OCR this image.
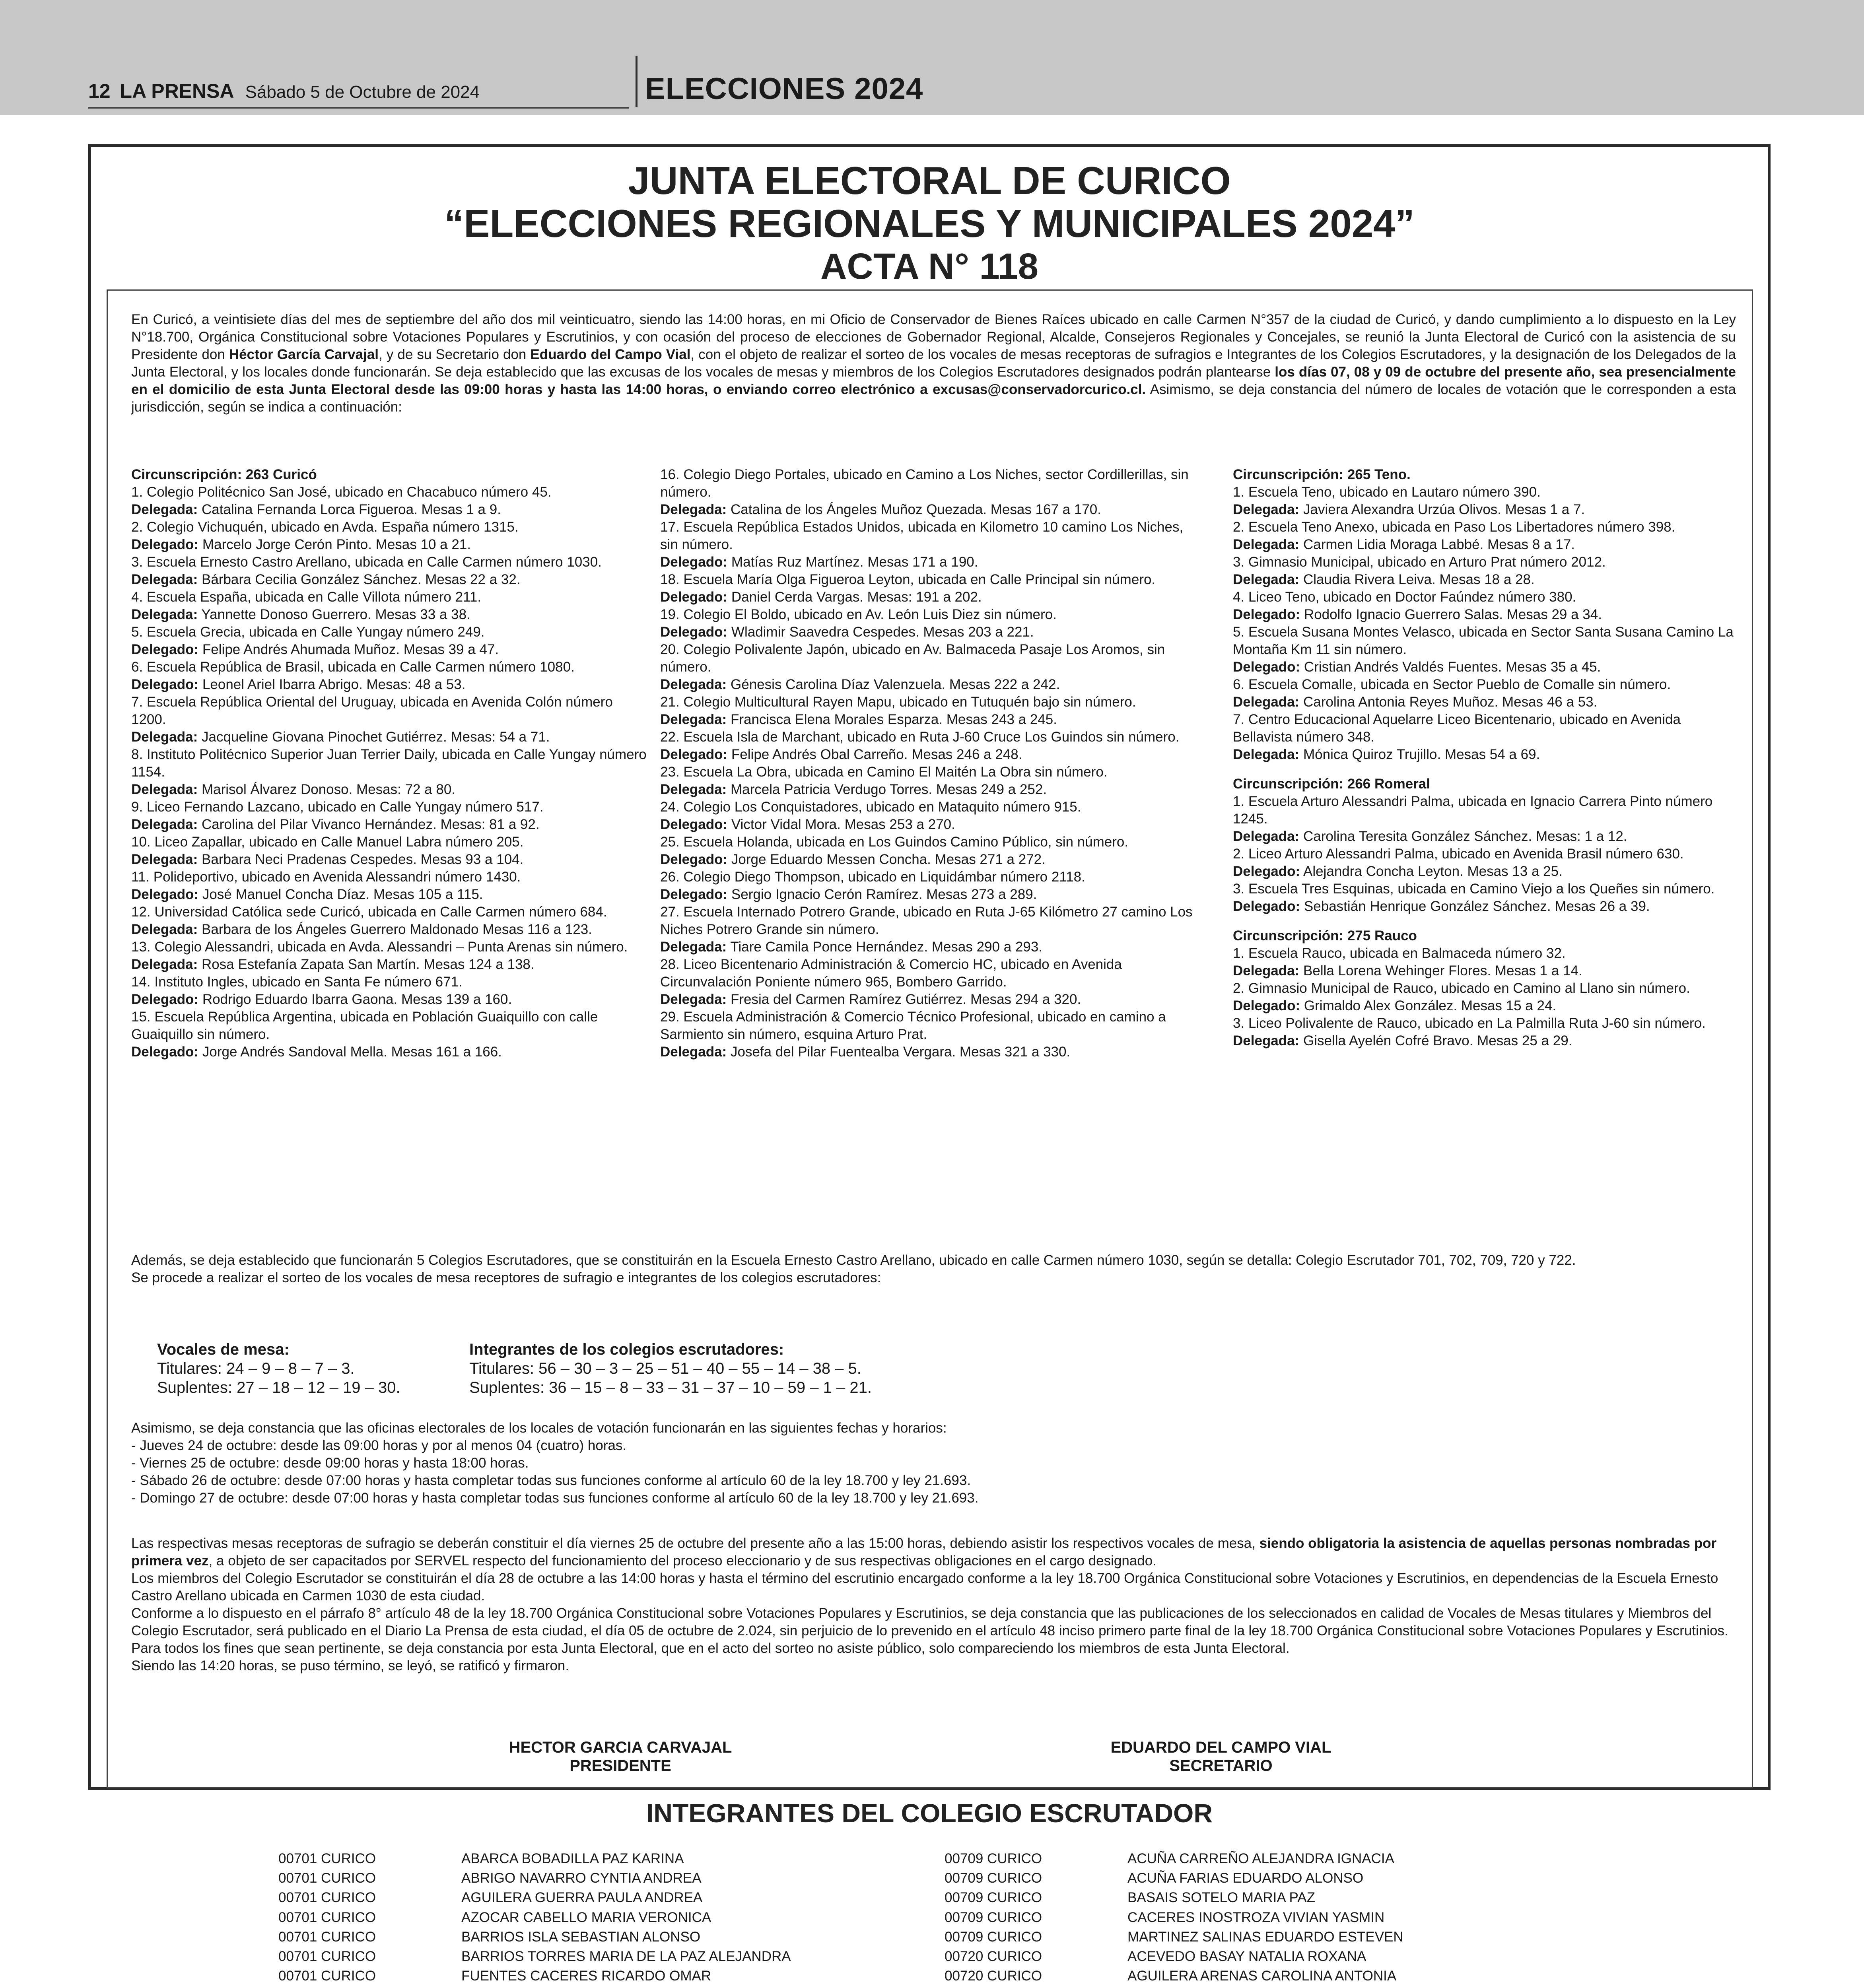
12 LA PRENSA Sábado 5 de Octubre de 2024	ELECCIONES 2024
JUNTA ELECTORAL DE CURICO
“ELECCIONES REGIONALES Y MUNICIPALES 2024”
ACTA N° 118
En Curicó, a veintisiete días del mes de septiembre del año dos mil veinticuatro, siendo las 14:00 horas, en mi Oficio de Conservador de Bienes Raíces ubicado en calle Carmen N°357 de la ciudad de Curicó, y dando cumplimiento a lo dispuesto en la Ley N°18.700, Orgánica Constitucional sobre Votaciones Populares y Escrutinios, y con ocasión del proceso de elecciones de Gobernador Regional, Alcalde, Consejeros Regionales y Concejales, se reunió la Junta Electoral de Curicó con la asistencia de su Presidente don Héctor García Carvajal, y de su Secretario don Eduardo del Campo Vial, con el objeto de realizar el sorteo de los vocales de mesas receptoras de sufragios e Integrantes de los Colegios Escrutadores, y la designación de los Delegados de la Junta Electoral, y los locales donde funcionarán. Se deja establecido que las excusas de los vocales de mesas y miembros de los Colegios Escrutadores designados podrán plantearse los días 07, 08 y 09 de octubre del presente año, sea presencialmente en el domicilio de esta Junta Electoral desde las 09:00 horas y hasta las 14:00 horas, o enviando correo electrónico a excusas@conservadorcurico.cl. Asimismo, se deja constancia del número de locales de votación que le corresponden a esta jurisdicción, según se indica a continuación:

Circunscripción: 263 Curicó

1. Colegio Politécnico San José, ubicado en Chacabuco número 45.

Delegada: Catalina Fernanda Lorca Figueroa. Mesas 1 a 9.

2. Colegio Vichuquén, ubicado en Avda. España número 1315.

Delegado: Marcelo Jorge Cerón Pinto. Mesas 10 a 21.

3. Escuela Ernesto Castro Arellano, ubicada en Calle Carmen número 1030.

Delegada: Bárbara Cecilia González Sánchez. Mesas 22 a 32.

4. Escuela España, ubicada en Calle Villota número 211.

Delegada: Yannette Donoso Guerrero. Mesas 33 a 38.

5. Escuela Grecia, ubicada en Calle Yungay número 249.

Delegado: Felipe Andrés Ahumada Muñoz. Mesas 39 a 47.

6. Escuela República de Brasil, ubicada en Calle Carmen número 1080.

Delegado: Leonel Ariel Ibarra Abrigo. Mesas: 48 a 53.

7. Escuela República Oriental del Uruguay, ubicada en Avenida Colón número 1200.

Delegada: Jacqueline Giovana Pinochet Gutiérrez. Mesas: 54 a 71.

8. Instituto Politécnico Superior Juan Terrier Daily, ubicada en Calle Yungay número 1154.

Delegada: Marisol Álvarez Donoso. Mesas: 72 a 80.

9. Liceo Fernando Lazcano, ubicado en Calle Yungay número 517.

Delegada: Carolina del Pilar Vivanco Hernández. Mesas: 81 a 92.

10. Liceo Zapallar, ubicado en Calle Manuel Labra número 205.

Delegada: Barbara Neci Pradenas Cespedes. Mesas 93 a 104.

11. Polideportivo, ubicado en Avenida Alessandri número 1430.

Delegado: José Manuel Concha Díaz. Mesas 105 a 115.

12. Universidad Católica sede Curicó, ubicada en Calle Carmen número 684.

Delegada: Barbara de los Ángeles Guerrero Maldonado Mesas 116 a 123.

13. Colegio Alessandri, ubicada en Avda. Alessandri – Punta Arenas sin número.

Delegada: Rosa Estefanía Zapata San Martín. Mesas 124 a 138.

14. Instituto Ingles, ubicado en Santa Fe número 671.

Delegado: Rodrigo Eduardo Ibarra Gaona. Mesas 139 a 160.

15. Escuela República Argentina, ubicada en Población Guaiquillo con calle Guaiquillo sin número.

Delegado: Jorge Andrés Sandoval Mella. Mesas 161 a 166.

16. Colegio Diego Portales, ubicado en Camino a Los Niches, sector Cordillerillas, sin número.

Delegada: Catalina de los Ángeles Muñoz Quezada. Mesas 167 a 170.

17. Escuela República Estados Unidos, ubicada en Kilometro 10 camino Los Niches, sin número.

Delegado: Matías Ruz Martínez. Mesas 171 a 190.

18. Escuela María Olga Figueroa Leyton, ubicada en Calle Principal sin número.

Delegado: Daniel Cerda Vargas. Mesas: 191 a 202.

19. Colegio El Boldo, ubicado en Av. León Luis Diez sin número.

Delegado: Wladimir Saavedra Cespedes. Mesas 203 a 221.

20. Colegio Polivalente Japón, ubicado en Av. Balmaceda Pasaje Los Aromos, sin número.

Delegada: Génesis Carolina Díaz Valenzuela. Mesas 222 a 242.

21. Colegio Multicultural Rayen Mapu, ubicado en Tutuquén bajo sin número.

Delegada: Francisca Elena Morales Esparza. Mesas 243 a 245.

22. Escuela Isla de Marchant, ubicado en Ruta J-60 Cruce Los Guindos sin número.

Delegado: Felipe Andrés Obal Carreño. Mesas 246 a 248.

23. Escuela La Obra, ubicada en Camino El Maitén La Obra sin número.

Delegada: Marcela Patricia Verdugo Torres. Mesas 249 a 252.

24. Colegio Los Conquistadores, ubicado en Mataquito número 915.

Delegado: Victor Vidal Mora. Mesas 253 a 270.

25. Escuela Holanda, ubicada en Los Guindos Camino Público, sin número.

Delegado: Jorge Eduardo Messen Concha. Mesas 271 a 272.

26. Colegio Diego Thompson, ubicado en Liquidámbar número 2118.

Delegado: Sergio Ignacio Cerón Ramírez. Mesas 273 a 289.

27. Escuela Internado Potrero Grande, ubicado en Ruta J-65 Kilómetro 27 camino Los Niches Potrero Grande sin número.

Delegada: Tiare Camila Ponce Hernández. Mesas 290 a 293.

28. Liceo Bicentenario Administración & Comercio HC, ubicado en Avenida Circunvalación Poniente número 965, Bombero Garrido.

Delegada: Fresia del Carmen Ramírez Gutiérrez. Mesas 294 a 320.

29. Escuela Administración & Comercio Técnico Profesional, ubicado en camino a Sarmiento sin número, esquina Arturo Prat.

Delegada: Josefa del Pilar Fuentealba Vergara. Mesas 321 a 330.

Circunscripción: 265 Teno.

1. Escuela Teno, ubicado en Lautaro número 390.

Delegada: Javiera Alexandra Urzúa Olivos. Mesas 1 a 7.

2. Escuela Teno Anexo, ubicada en Paso Los Libertadores número 398.

Delegada: Carmen Lidia Moraga Labbé. Mesas 8 a 17.

3. Gimnasio Municipal, ubicado en Arturo Prat número 2012.

Delegada: Claudia Rivera Leiva. Mesas 18 a 28.

4. Liceo Teno, ubicado en Doctor Faúndez número 380.

Delegado: Rodolfo Ignacio Guerrero Salas. Mesas 29 a 34.

5. Escuela Susana Montes Velasco, ubicada en Sector Santa Susana Camino La Montaña Km 11 sin número.

Delegado: Cristian Andrés Valdés Fuentes. Mesas 35 a 45.

6. Escuela Comalle, ubicada en Sector Pueblo de Comalle sin número.

Delegada: Carolina Antonia Reyes Muñoz. Mesas 46 a 53.

7. Centro Educacional Aquelarre Liceo Bicentenario, ubicado en Avenida Bellavista número 348.

Delegada: Mónica Quiroz Trujillo. Mesas 54 a 69.

Circunscripción: 266 Romeral

1. Escuela Arturo Alessandri Palma, ubicada en Ignacio Carrera Pinto número 1245.

Delegada: Carolina Teresita González Sánchez. Mesas: 1 a 12.

2. Liceo Arturo Alessandri Palma, ubicado en Avenida Brasil número 630.

Delegado: Alejandra Concha Leyton. Mesas 13 a 25.

3. Escuela Tres Esquinas, ubicada en Camino Viejo a los Queñes sin número.

Delegado: Sebastián Henrique González Sánchez. Mesas 26 a 39.

Circunscripción: 275 Rauco

1. Escuela Rauco, ubicada en Balmaceda número 32.

Delegada: Bella Lorena Wehinger Flores. Mesas 1 a 14.

2. Gimnasio Municipal de Rauco, ubicado en Camino al Llano sin número.

Delegado: Grimaldo Alex González. Mesas 15 a 24.

3. Liceo Polivalente de Rauco, ubicado en La Palmilla Ruta J-60 sin número.

Delegada: Gisella Ayelén Cofré Bravo. Mesas 25 a 29.

Además, se deja establecido que funcionarán 5 Colegios Escrutadores, que se constituirán en la Escuela Ernesto Castro Arellano, ubicado en calle Carmen número 1030, según se detalla: Colegio Escrutador 701, 702, 709, 720 y 722.

Se procede a realizar el sorteo de los vocales de mesa receptores de sufragio e integrantes de los colegios escrutadores:

Vocales de mesa:
Titulares: 24 – 9 – 8 – 7 – 3.
Suplentes: 27 – 18 – 12 – 19 – 30.
Integrantes de los colegios escrutadores:
Titulares: 56 – 30 – 3 – 25 – 51 – 40 – 55 – 14 – 38 – 5.
Suplentes: 36 – 15 – 8 – 33 – 31 – 37 – 10 – 59 – 1 – 21.
Asimismo, se deja constancia que las oficinas electorales de los locales de votación funcionarán en las siguientes fechas y horarios:
- Jueves 24 de octubre: desde las 09:00 horas y por al menos 04 (cuatro) horas.
- Viernes 25 de octubre: desde 09:00 horas y hasta 18:00 horas.
- Sábado 26 de octubre: desde 07:00 horas y hasta completar todas sus funciones conforme al artículo 60 de la ley 18.700 y ley 21.693.
- Domingo 27 de octubre: desde 07:00 horas y hasta completar todas sus funciones conforme al artículo 60 de la ley 18.700 y ley 21.693.
Las respectivas mesas receptoras de sufragio se deberán constituir el día viernes 25 de octubre del presente año a las 15:00 horas, debiendo asistir los respectivos vocales de mesa, siendo obligatoria la asistencia de aquellas personas nombradas por primera vez, a objeto de ser capacitados por SERVEL respecto del funcionamiento del proceso eleccionario y de sus respectivas obligaciones en el cargo designado.
Los miembros del Colegio Escrutador se constituirán el día 28 de octubre a las 14:00 horas y hasta el término del escrutinio encargado conforme a la ley 18.700 Orgánica Constitucional sobre Votaciones y Escrutinios, en dependencias de la Escuela Ernesto Castro Arellano ubicada en Carmen 1030 de esta ciudad.
Conforme a lo dispuesto en el párrafo 8° artículo 48 de la ley 18.700 Orgánica Constitucional sobre Votaciones Populares y Escrutinios, se deja constancia que las publicaciones de los seleccionados en calidad de Vocales de Mesas titulares y Miembros del Colegio Escrutador, será publicado en el Diario La Prensa de esta ciudad, el día 05 de octubre de 2.024, sin perjuicio de lo prevenido en el artículo 48 inciso primero parte final de la ley 18.700 Orgánica Constitucional sobre Votaciones Populares y Escrutinios.
Para todos los fines que sean pertinente, se deja constancia por esta Junta Electoral, que en el acto del sorteo no asiste público, solo compareciendo los miembros de esta Junta Electoral.
Siendo las 14:20 horas, se puso término, se leyó, se ratificó y firmaron.
HECTOR GARCIA CARVAJAL
PRESIDENTE
EDUARDO DEL CAMPO VIAL
SECRETARIO
INTEGRANTES DEL COLEGIO ESCRUTADOR
00701 CURICO	ABARCA BOBADILLA PAZ KARINA
00701 CURICO	ABRIGO NAVARRO CYNTIA ANDREA
00701 CURICO	AGUILERA GUERRA PAULA ANDREA
00701 CURICO	AZOCAR CABELLO MARIA VERONICA
00701 CURICO	BARRIOS ISLA SEBASTIAN ALONSO
00701 CURICO	BARRIOS TORRES MARIA DE LA PAZ ALEJANDRA
00701 CURICO	FUENTES CACERES RICARDO OMAR
00709 CURICO	ACUÑA CARREÑO ALEJANDRA IGNACIA
00709 CURICO	ACUÑA FARIAS EDUARDO ALONSO
00709 CURICO	BASAIS SOTELO MARIA PAZ
00709 CURICO	CACERES INOSTROZA VIVIAN YASMIN
00709 CURICO	MARTINEZ SALINAS EDUARDO ESTEVEN
00720 CURICO	ACEVEDO BASAY NATALIA ROXANA
00720 CURICO	AGUILERA ARENAS CAROLINA ANTONIA
